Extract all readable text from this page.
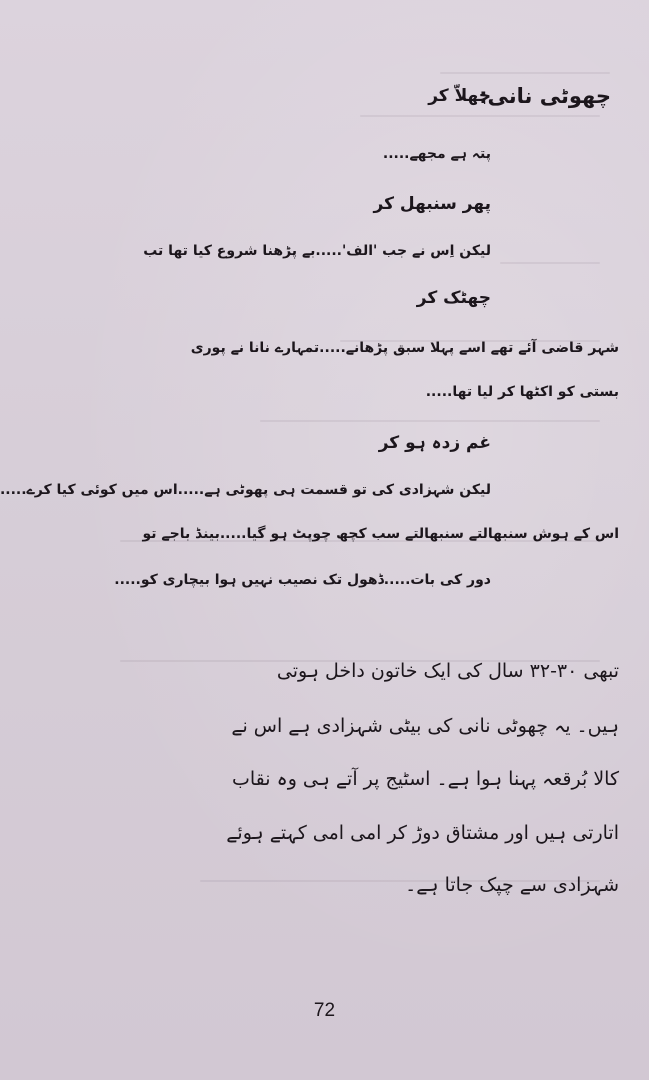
چھوٹی نانی:
جھلاّ کر
پتہ ہے مجھے.....
پھر سنبھل کر
لیکن اِس نے جب 'الف'.....بے پڑھنا شروع کیا تھا تب
چھٹک کر
شہر قاضی آئے تھے اسے پہلا سبق پڑھانے.....تمہارے نانا نے پوری
بستی کو اکٹھا کر لیا تھا.....
غم زدہ ہو کر
لیکن شہزادی کی تو قسمت ہی پھوٹی ہے.....اس میں کوئی کیا کرے.....
اس کے ہوش سنبھالتے سنبھالتے سب کچھ چوپٹ ہو گیا.....بینڈ باجے تو
دور کی بات.....ڈھول تک نصیب نہیں ہوا بیچاری کو.....
تبھی ۳۰-۳۲ سال کی ایک خاتون داخل ہوتی
ہیں۔ یہ چھوٹی نانی کی بیٹی شہزادی ہے اس نے
کالا بُرقعہ پہنا ہوا ہے۔ اسٹیج پر آتے ہی وہ نقاب
اتارتی ہیں اور مشتاق دوڑ کر امی امی کہتے ہوئے
شہزادی سے چپک جاتا ہے۔
72
